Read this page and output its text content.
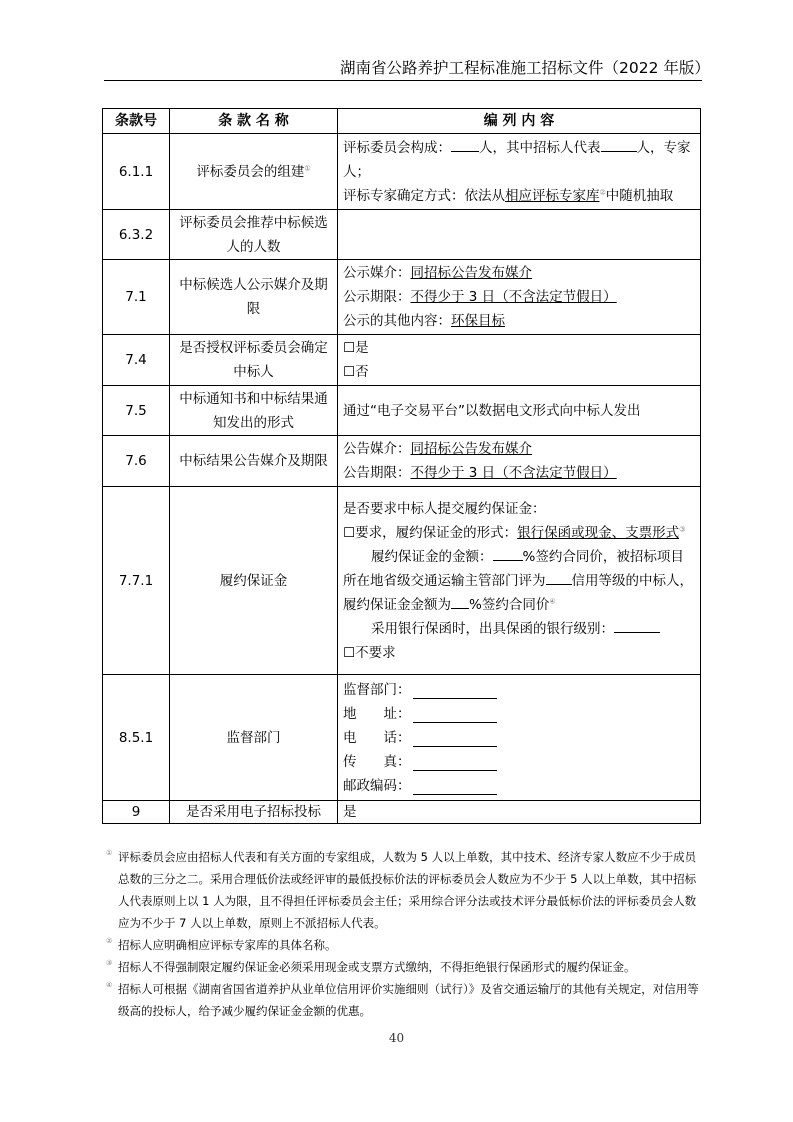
湖南省公路养护工程标准施工招标文件（2022 年版）
条款号	条 款 名 称	编 列 内 容
6.1.1	评标委员会的组建①	评标委员会构成： 人，其中招标人代表 人，专家人；
评标专家确定方式：依法从相应评标专家库②中随机抽取

6.3.2	评标委员会推荐中标候选人的人数	
7.1	中标候选人公示媒介及期限	公示媒介：同招标公告发布媒介
公示期限：不得少于 3 日（不含法定节假日）
公示的其他内容：环保目标

7.4	是否授权评标委员会确定中标人	☐是
☐否

7.5	中标通知书和中标结果通知发出的形式	通过“电子交易平台”以数据电文形式向中标人发出
7.6	中标结果公告媒介及期限	公告媒介：同招标公告发布媒介
公告期限：不得少于 3 日（不含法定节假日）

7.7.1	履约保证金	是否要求中标人提交履约保证金：
☐要求，履约保证金的形式：银行保函或现金、支票形式③
履约保证金的金额： %签约合同价，被招标项目所在地省级交通运输主管部门评为 信用等级的中标人，履约保证金金额为 %签约合同价④
采用银行保函时，出具保函的银行级别：
☐不要求

8.5.1	监督部门	监督部门：
地　　址：
电　　话：
传　　真：
邮政编码：

9	是否采用电子招标投标	是
① 评标委员会应由招标人代表和有关方面的专家组成，人数为 5 人以上单数，其中技术、经济专家人数应不少于成员总数的三分之二。采用合理低价法或经评审的最低投标价法的评标委员会人数应为不少于 5 人以上单数，其中招标人代表原则上以 1 人为限，且不得担任评标委员会主任；采用综合评分法或技术评分最低标价法的评标委员会人数应为不少于 7 人以上单数，原则上不派招标人代表。
② 招标人应明确相应评标专家库的具体名称。
③ 招标人不得强制限定履约保证金必须采用现金或支票方式缴纳，不得拒绝银行保函形式的履约保证金。
④ 招标人可根据《湖南省国省道养护从业单位信用评价实施细则（试行）》及省交通运输厅的其他有关规定，对信用等级高的投标人，给予减少履约保证金金额的优惠。
40
